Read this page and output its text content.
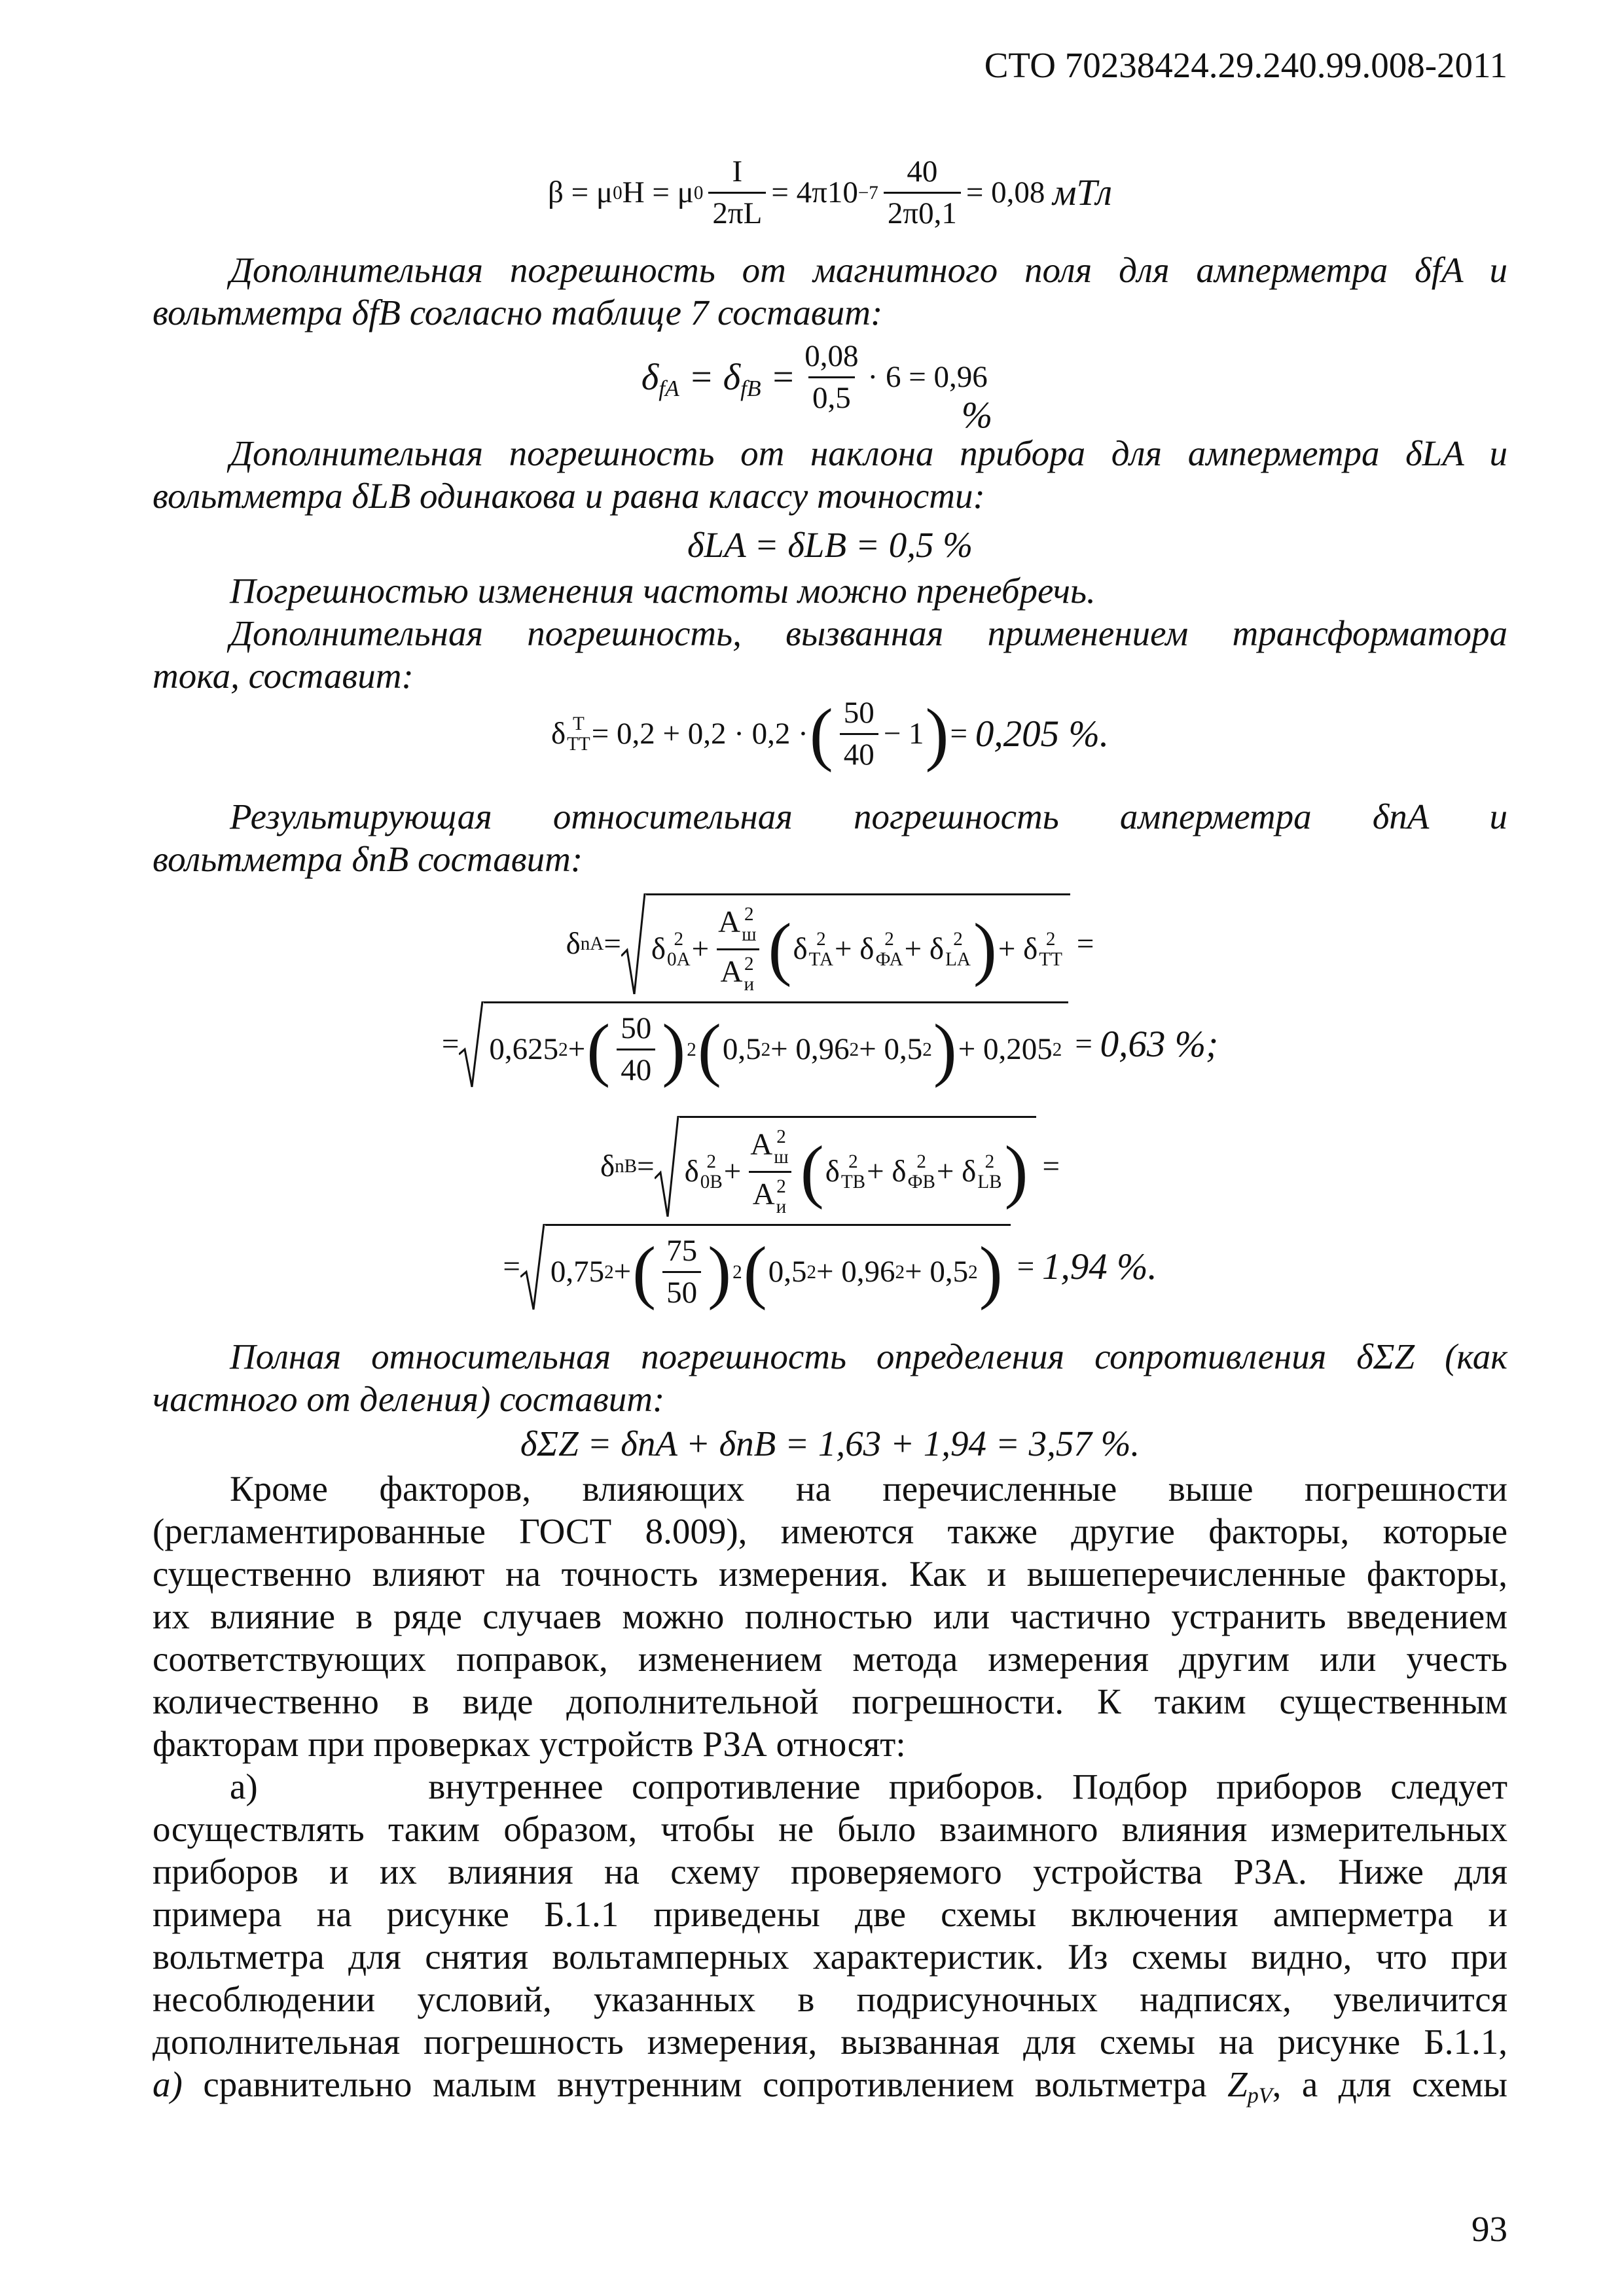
СТО 70238424.29.240.99.008-2011
β = μ 0 H = μ $0 \frac{I}{2\pi L} = 4\pi 10 -7 \frac{40}{2\pi 0,1} = 0,08$ мТл
Дополнительная погрешность от магнитного поля для амперметра δfA и
вольтметра δfB согласно таблице 7 составит:
$\delta_{fA} = \delta_{fB} = \frac{0,08}{0,5} \cdot 6 = 0,96$
%
Дополнительная погрешность от наклона прибора для амперметра δLA и
вольтметра δLB одинакова и равна классу точности:
δLA = δLB = 0,5 %
Погрешностью изменения частоты можно пренебречь.
Дополнительная погрешность, вызванная применением трансформатора
тока, составит:
δ Т
ТТ = 0,2 + 0,2 · 0,2 · ( $\frac{50}{40} - 1$ ) = 0,205 %.
Результирующая относительная погрешность амперметра δnA и
вольтметра δnB составит:
δ nA = δ 2
0A + A 2
ш
A 2
и ( δ 2
ТА + δ 2
ФА + δ 2
LA ) + δ 2
ТТ =
= 0,625 2 + ( $\frac{50}{40}$ ) 2 ( 0,5 2 + 0,96 2 + 0,5 2 ) + 0,205 2 = 0,63 %;
δ nB = δ 2
0B + A 2
ш
A 2
и ( δ 2
ТВ + δ 2
ФВ + δ 2
LB ) =
= 0,75 2 + ( $\frac{75}{50}$ ) 2 ( 0,5 2 + 0,96 2 + 0,5 2 ) = 1,94 %.
Полная относительная погрешность определения сопротивления δΣZ (как
частного от деления) составит:
δΣZ = δnA + δnB = 1,63 + 1,94 = 3,57 %.
Кроме факторов, влияющих на перечисленные выше погрешности
(регламентированные ГОСТ 8.009), имеются также другие факторы, которые
существенно влияют на точность измерения. Как и вышеперечисленные факторы,
их влияние в ряде случаев можно полностью или частично устранить введением
соответствующих поправок, изменением метода измерения другим или учесть
количественно в виде дополнительной погрешности. К таким существенным
факторам при проверках устройств РЗА относят:
а)      внутреннее сопротивление приборов. Подбор приборов следует
осуществлять таким образом, чтобы не было взаимного влияния измерительных
приборов и их влияния на схему проверяемого устройства РЗА. Ниже для
примера на рисунке Б.1.1 приведены две схемы включения амперметра и
вольтметра для снятия вольтамперных характеристик. Из схемы видно, что при
несоблюдении условий, указанных в подрисуночных надписях, увеличится
дополнительная погрешность измерения, вызванная для схемы на рисунке Б.1.1,
а) сравнительно малым внутренним сопротивлением вольтметра $Z_{pV}$, а для схемы
93
